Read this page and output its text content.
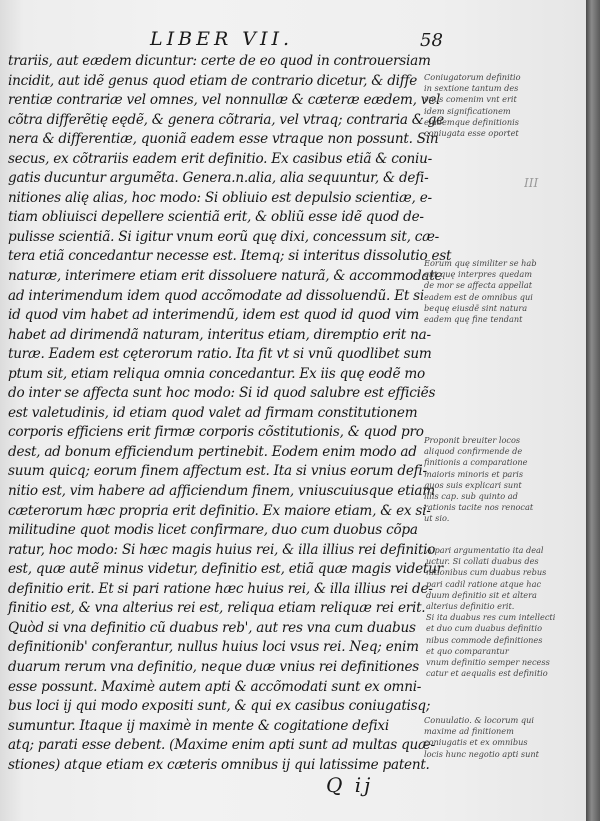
LIBER VII.	58
trariis, aut eædem dicuntur: certe de eo quod in controuersiam
incidit, aut idẽ genus quod etiam de contrario dicetur, & diffe
rentiæ contrariæ vel omnes, vel nonnullæ & cæteræ eædem, vel
cõtra differẽtię eędẽ, & genera cõtraria, vel vtraq; contraria & ge
nera & differentiæ, quoniã eadem esse vtraque non possunt. Sin
secus, ex cõtrariis eadem erit definitio. Ex casibus etiã & coniu-
gatis ducuntur argumẽta. Genera.n.alia, alia sequuntur, & defi-
nitiones alię alias, hoc modo: Si obliuio est depulsio scientiæ, e-
tiam obliuisci depellere scientiã erit, & obliũ esse idẽ quod de-
pulisse scientiã. Si igitur vnum eorũ quę dixi, concessum sit, cæ-
tera etiã concedantur necesse est. Itemq; si interitus dissolutio est
naturæ, interimere etiam erit dissoluere naturã, & accommodate
ad interimendum idem quod accõmodate ad dissoluendũ. Et si
id quod vim habet ad interimendũ, idem est quod id quod vim
habet ad dirimendã naturam, interitus etiam, diremptio erit na-
turæ. Eadem est cęterorum ratio. Ita fit vt si vnũ quodlibet sum
ptum sit, etiam reliqua omnia concedantur. Ex iis quę eodẽ mo
do inter se affecta sunt hoc modo: Si id quod salubre est efficiẽs
est valetudinis, id etiam quod valet ad firmam constitutionem
corporis efficiens erit firmæ corporis cõstitutionis, & quod pro
dest, ad bonum efficiendum pertinebit. Eodem enim modo ad
suum quicq; eorum finem affectum est. Ita si vnius eorum defi-
nitio est, vim habere ad afficiendum finem, vniuscuiusque etiam
cæterorum hæc propria erit definitio. Ex maiore etiam, & ex si-
militudine quot modis licet confirmare, duo cum duobus cõpa
ratur, hoc modo: Si hæc magis huius rei, & illa illius rei definitio
est, quæ autẽ minus videtur, definitio est, etiã quæ magis videtur
definitio erit. Et si pari ratione hæc huius rei, & illa illius rei de-
finitio est, & vna alterius rei est, reliqua etiam reliquæ rei erit.
Quòd si vna definitio cũ duabus reb', aut res vna cum duabus
definitionib' conferantur, nullus huius loci vsus rei. Neq; enim
duarum rerum vna definitio, neque duæ vnius rei definitiones
esse possunt. Maximè autem apti & accõmodati sunt ex omni-
bus loci ij qui modo expositi sunt, & qui ex casibus coniugatisq;
sumuntur. Itaque ij maximè in mente & cogitatione defixi
atq; parati esse debent. (Maxime enim apti sunt ad multas quæ-
stiones) atque etiam ex cæteris omnibus ij qui latissime patent.
Coniugatorum definitio
in sextione tantum des
vnus comenim vnt erit
idem significationem
eiudemque definitionis
coniugata esse oportet
III
Eorum quę similiter se hab
ent quę interpres quedam
de mor se affecta appellat
eadem est de omnibus qui
bequę eiusdẽ sint natura
eadem quę fine tendant
Proponit breuiter locos
aliquod confirmende de
finitionis a comparatione
maioris minoris et paris
quos suis explicari sunt
illis cap. sub quinto ad
rationis tacite nos renocat
ut sio.
A pari argumentatio ita deal
uctur. Si collati duabus des
nitionibus cum duabus rebus
pari cadil ratione atque hac
duum definitio sit et altera
alterius definitio erit.
Si ita duabus res cum intellecti
et duo cum duabus definitio
nibus commode definitiones
et quo comparantur
vnum definitio semper necess
catur et aequalis est definitio
Conuulatio. & locorum qui
maxime ad finitionem
coniugatis et ex omnibus
locis hunc negotio apti sunt
Q ij
